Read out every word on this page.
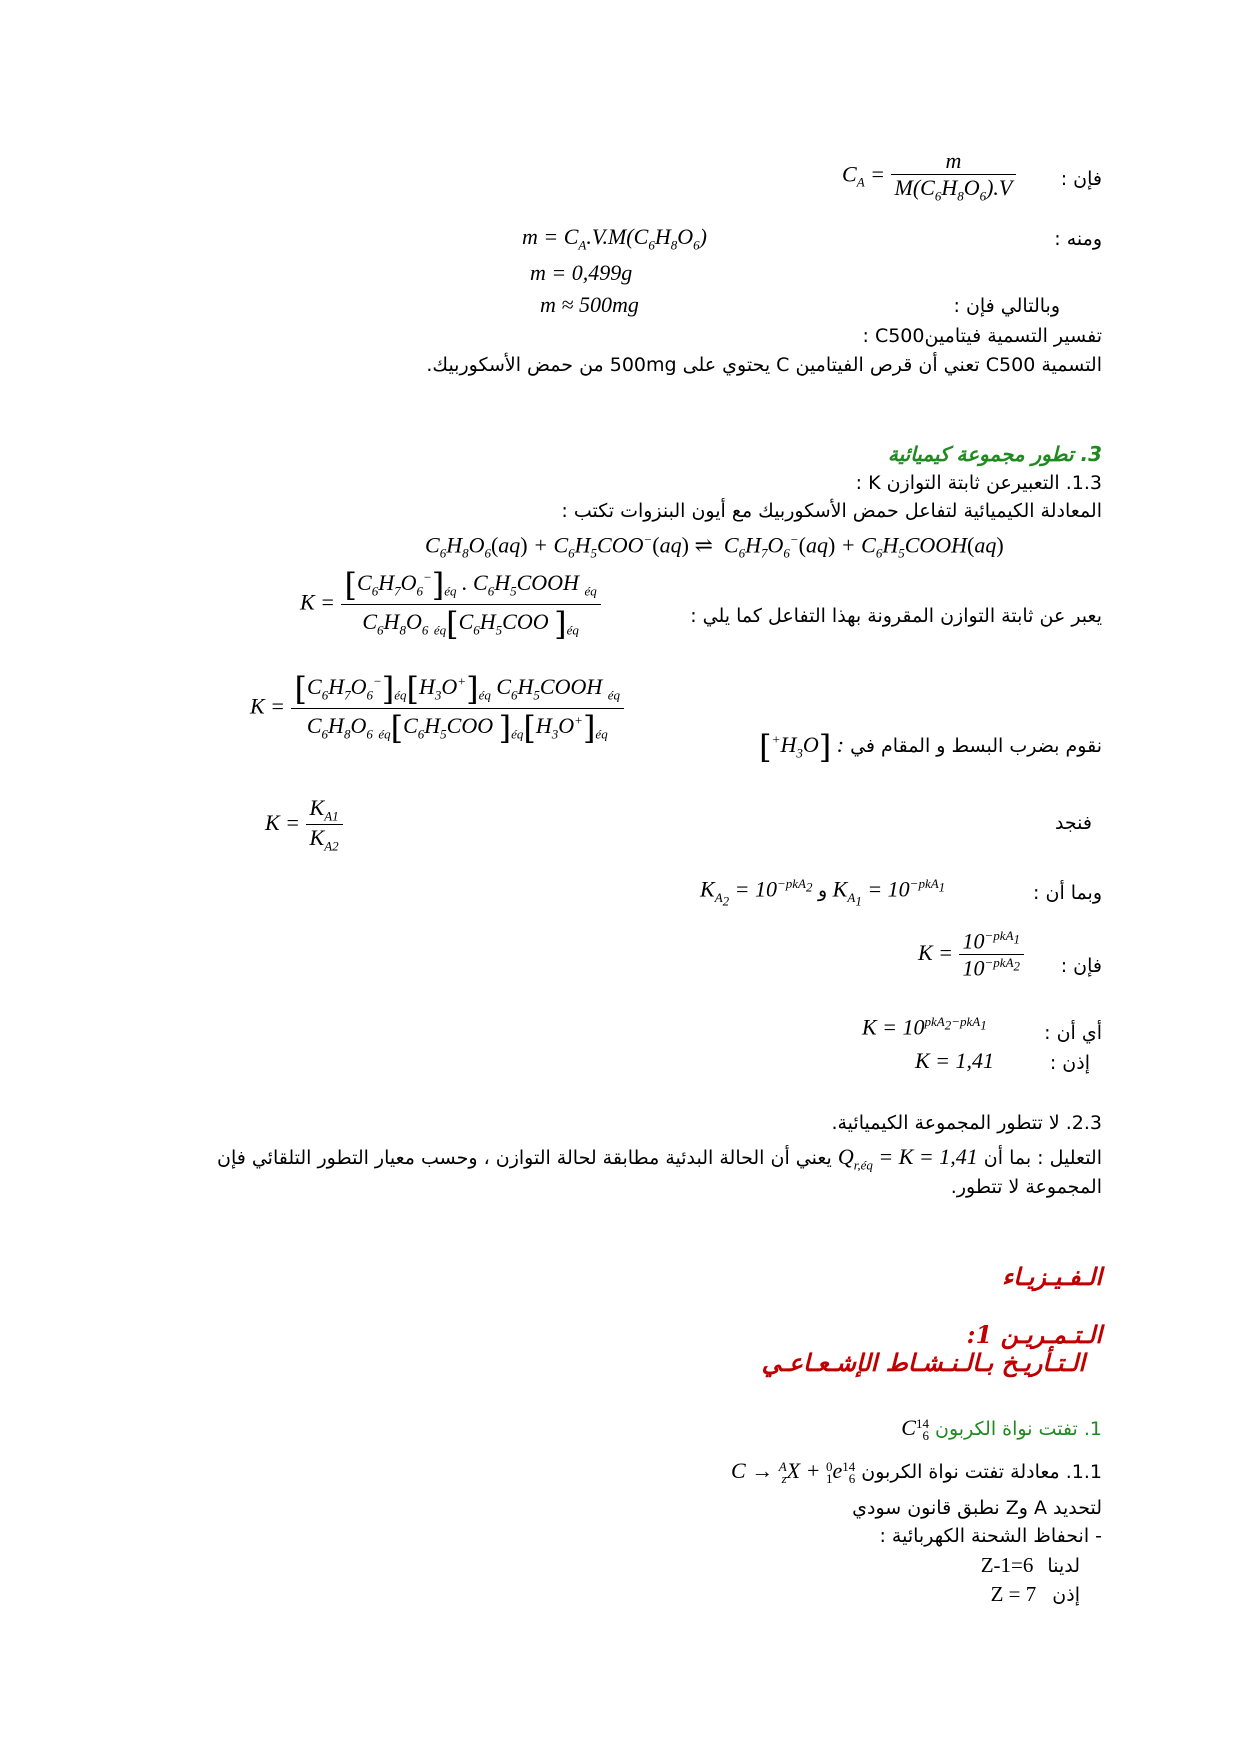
فإن :
$C_A = \frac{m}{M(C_6H_8O_6).V}$
ومنه :
$m = C_A.V.M(C_6H_8O_6)$
m = 0,499g
وبالتالي فإن :
m ≈ 500mg
تفسير التسمية فيتامينC500 :
التسمية C500 تعني أن قرص الفيتامين C يحتوي على 500mg من حمض الأسكوربيك.
3. تطور مجموعة كيميائية
1.3. التعبيرعن ثابتة التوازن K :
المعادلة الكيميائية لتفاعل حمض الأسكوربيك مع أيون البنزوات تكتب :
$C_6H_8O_6(aq) + C_6H_5COO^-(aq)$ ⇌  $C_6H_7O_6^-(aq)$ + $C_6H_5COOH(aq)$
يعبر عن ثابتة التوازن المقرونة بهذا التفاعل كما يلي :
$K = \frac{[C_6H_7O_6^-]_{éq} . C_6H_5COOH _{éq}}{C_6H_8O_6 _{éq}[C_6H_5COO ]_{éq}}$
نقوم بضرب البسط و المقام في : $[H_3O^+]$
$K = \frac{[C_6H_7O_6^-]_{éq}[H_3O^+]_{éq} C_6H_5COOH _{éq}}{C_6H_8O_6 _{éq}[C_6H_5COO ]_{éq}[H_3O^+]_{éq}}$
فنجد
$K = \frac{K_{A1}}{K_{A2}}$
وبما أن :
$K_{A_2} = 10^{-pkA_2}$ و $K_{A_1} = 10^{-pkA_1}$
فإن :
$K = \frac{10^{-pkA_1}}{10^{-pkA_2}}$
أي أن :
$K = 10^{pkA_2-pkA_1}$
إذن :
K = 1,41
2.3. لا تتطور المجموعة الكيميائية.
التعليل : بما أن $Q_{r,éq} = K = 1,41$ يعني أن الحالة البدئية مطابقة لحالة التوازن ، وحسب معيار التطور التلقائي فإن
المجموعة لا تتطور.
الـفـيـزيـاء
الـتـمـريـن 1:
الـتـأريـخ بـالـنـشـاط الإشـعـاعـي
1. تفتت نواة الكربون
14
6
C
1.1. معادلة تفتت نواة الكربون
14
6
C → A
z X + 0
1 e
لتحديد A وZ نطبق قانون سودي
- انحفاظ الشحنة الكهربائية :
لدينا 6=Z-1
إذن Z = 7
